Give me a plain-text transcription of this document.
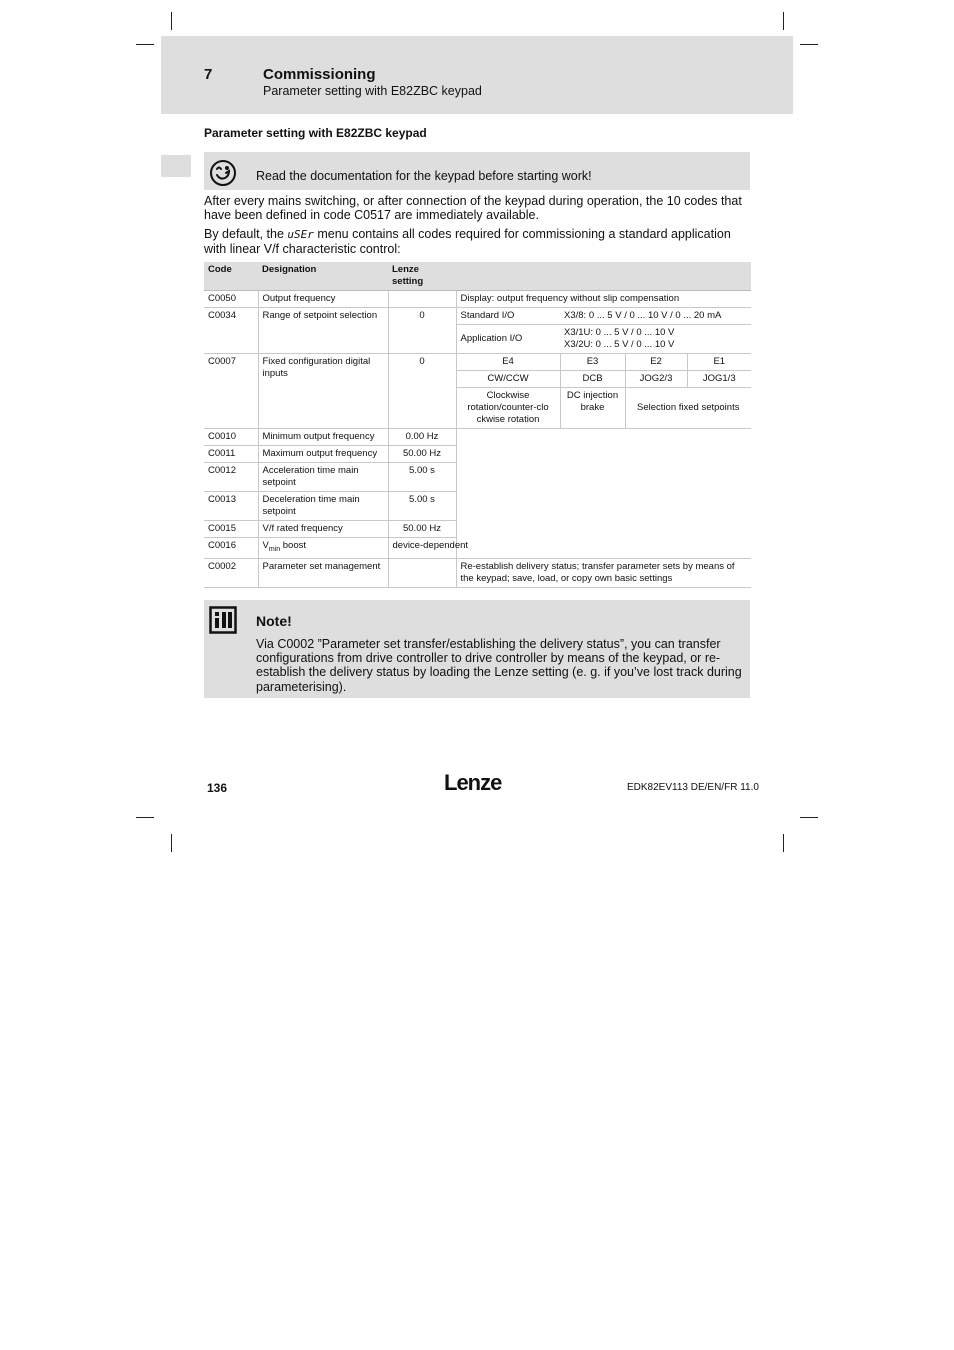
7	Commissioning
Parameter setting with E82ZBC keypad
Parameter setting with E82ZBC keypad
Read the documentation for the keypad before starting work!
After every mains switching, or after connection of the keypad during operation, the 10 codes that have been defined in code C0517 are immediately available.
By default, the uSEr menu contains all codes required for commissioning a standard application with linear V/f characteristic control:
Code	Designation	Lenze setting				
C0050	Output frequency		Display: output frequency without slip compensation			
C0034	Range of setpoint selection	0	Standard I/O	X3/8: 0 ... 5 V / 0 ... 10 V / 0 ... 20 mA		
			Application I/O	X3/1U: 0 ... 5 V / 0 ... 10 V
X3/2U: 0 ... 5 V / 0 ... 10 V		
C0007	Fixed configuration digital inputs	0	E4	E3	E2	E1
			CW/CCW	DCB	JOG2/3	JOG1/3
			Clockwise rotation/counter-clo ckwise rotation	DC injection brake	Selection fixed setpoints	
C0010	Minimum output frequency	0.00 Hz				
C0011	Maximum output frequency	50.00 Hz				
C0012	Acceleration time main setpoint	5.00 s				
C0013	Deceleration time main setpoint	5.00 s				
C0015	V/f rated frequency	50.00 Hz				
C0016	$V_{min}$ boost	device-dependent				
C0002	Parameter set management		Re-establish delivery status; transfer parameter sets by means of the keypad; save, load, or copy own basic settings			
Note!
Via C0002 ”Parameter set transfer/establishing the delivery status”, you can transfer configurations from drive controller to drive controller by means of the keypad, or re-establish the delivery status by loading the Lenze setting (e. g. if you’ve lost track during parameterising).
136	Lenze	EDK82EV113 DE/EN/FR 11.0
